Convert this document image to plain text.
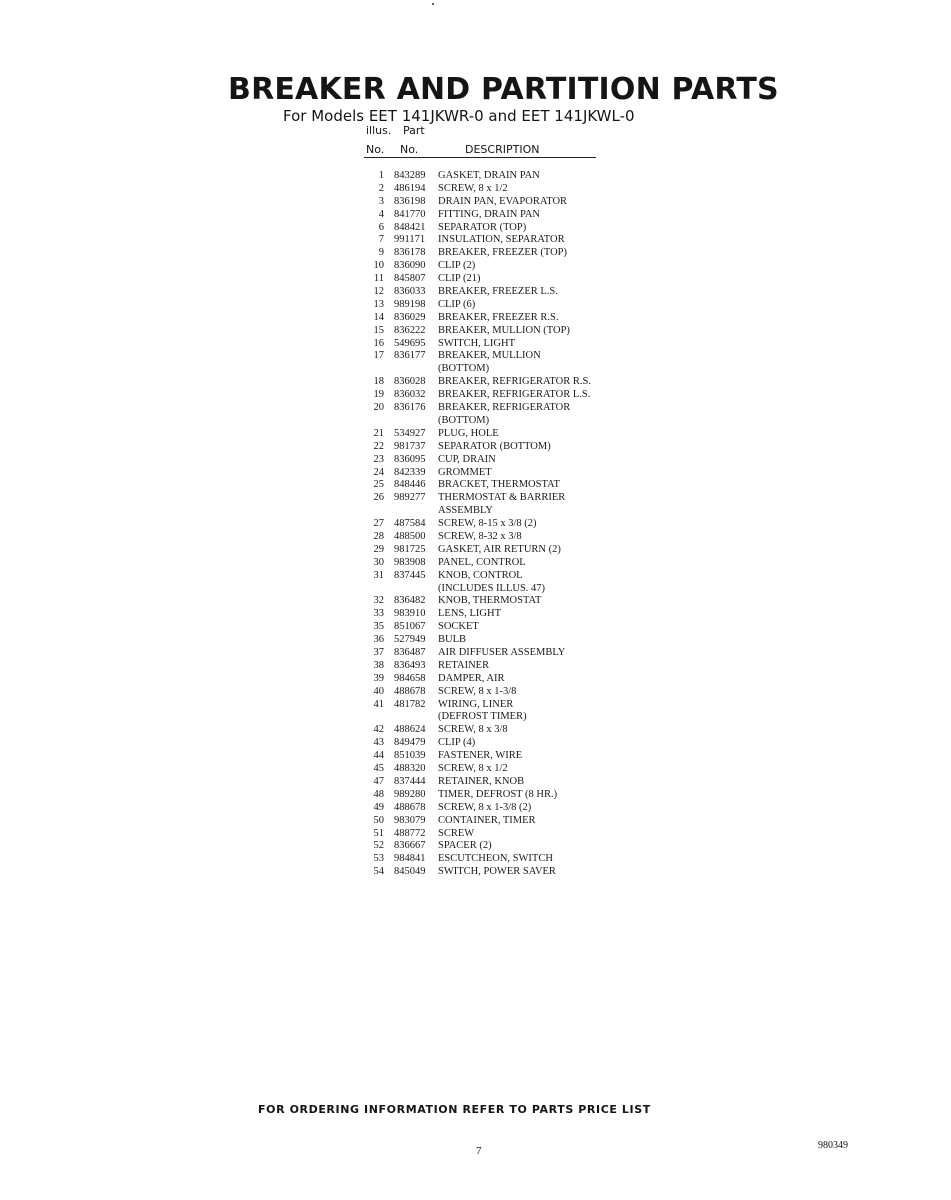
BREAKER AND PARTITION PARTS
For Models EET 141JKWR-0 and EET 141JKWL-0
illus. Part
No. No.	DESCRIPTION
1 843289	GASKET, DRAIN PAN
2 486194	SCREW, 8 x 1/2
3 836198	DRAIN PAN, EVAPORATOR
4 841770	FITTING, DRAIN PAN
6 848421	SEPARATOR (TOP)
7 991171	INSULATION, SEPARATOR
9 836178	BREAKER, FREEZER (TOP)
10 836090	CLIP (2)
11 845807	CLIP (21)
12 836033	BREAKER, FREEZER L.S.
13 989198	CLIP (6)
14 836029	BREAKER, FREEZER R.S.
15 836222	BREAKER, MULLION (TOP)
16 549695	SWITCH, LIGHT
17 836177	BREAKER, MULLION
(BOTTOM)
18 836028	BREAKER, REFRIGERATOR R.S.
19 836032	BREAKER, REFRIGERATOR L.S.
20 836176	BREAKER, REFRIGERATOR
(BOTTOM)
21 534927	PLUG, HOLE
22 981737	SEPARATOR (BOTTOM)
23 836095	CUP, DRAIN
24 842339	GROMMET
25 848446	BRACKET, THERMOSTAT
26 989277	THERMOSTAT & BARRIER
ASSEMBLY
27 487584	SCREW, 8-15 x 3/8 (2)
28 488500	SCREW, 8-32 x 3/8
29 981725	GASKET, AIR RETURN (2)
30 983908	PANEL, CONTROL
31 837445	KNOB, CONTROL
(INCLUDES ILLUS. 47)
32 836482	KNOB, THERMOSTAT
33 983910	LENS, LIGHT
35 851067	SOCKET
36 527949	BULB
37 836487	AIR DIFFUSER ASSEMBLY
38 836493	RETAINER
39 984658	DAMPER, AIR
40 488678	SCREW, 8 x 1-3/8
41 481782	WIRING, LINER
(DEFROST TIMER)
42 488624	SCREW, 8 x 3/8
43 849479	CLIP (4)
44 851039	FASTENER, WIRE
45 488320	SCREW, 8 x 1/2
47 837444	RETAINER, KNOB
48 989280	TIMER, DEFROST (8 HR.)
49 488678	SCREW, 8 x 1-3/8 (2)
50 983079	CONTAINER, TIMER
51 488772	SCREW
52 836667	SPACER (2)
53 984841	ESCUTCHEON, SWITCH
54 845049	SWITCH, POWER SAVER
FOR ORDERING INFORMATION REFER TO PARTS PRICE LIST
7	980349
